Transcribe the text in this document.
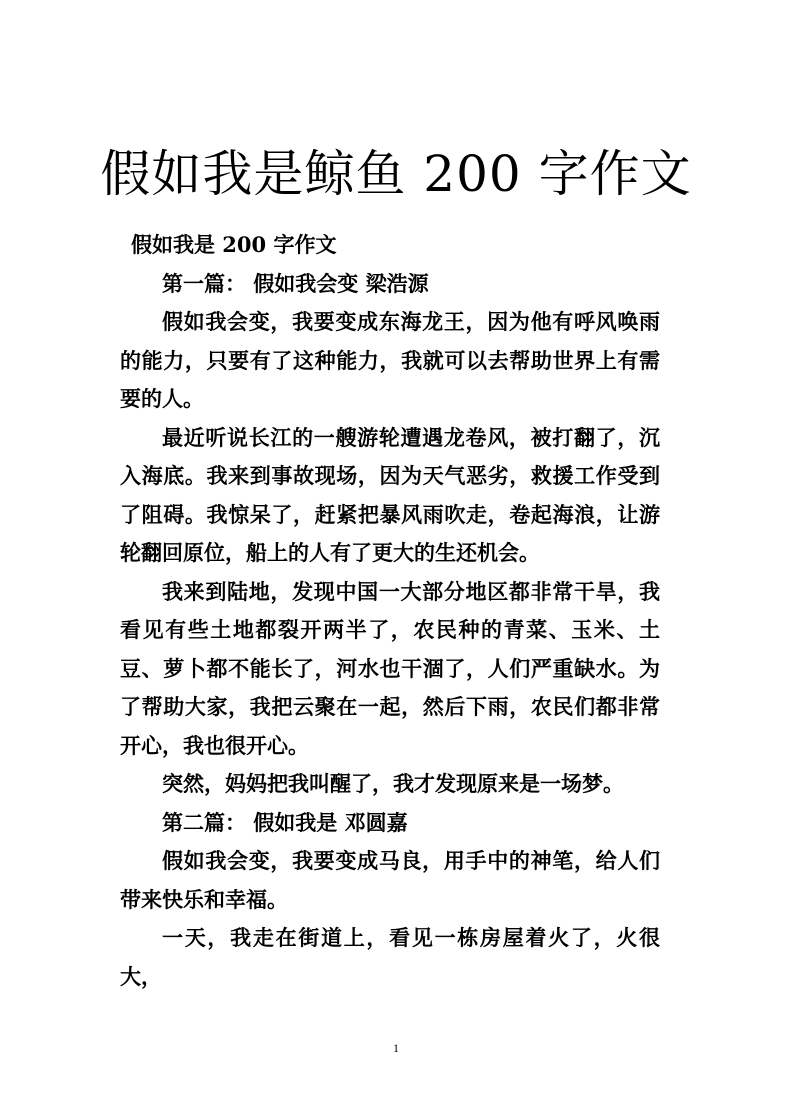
假如我是鲸鱼 200 字作文

假如我是 200 字作文

第一篇： 假如我会变 梁浩源

假如我会变，我要变成东海龙王，因为他有呼风唤雨的能力，只要有了这种能力，我就可以去帮助世界上有需要的人。

最近听说长江的一艘游轮遭遇龙卷风，被打翻了，沉入海底。我来到事故现场，因为天气恶劣，救援工作受到了阻碍。我惊呆了，赶紧把暴风雨吹走，卷起海浪，让游轮翻回原位，船上的人有了更大的生还机会。

我来到陆地，发现中国一大部分地区都非常干旱，我看见有些土地都裂开两半了，农民种的青菜、玉米、土豆、萝卜都不能长了，河水也干涸了，人们严重缺水。为了帮助大家，我把云聚在一起，然后下雨，农民们都非常开心，我也很开心。

突然，妈妈把我叫醒了，我才发现原来是一场梦。

第二篇： 假如我是 邓圆嘉

假如我会变，我要变成马良，用手中的神笔，给人们带来快乐和幸福。

一天，我走在街道上，看见一栋房屋着火了，火很大，

1
